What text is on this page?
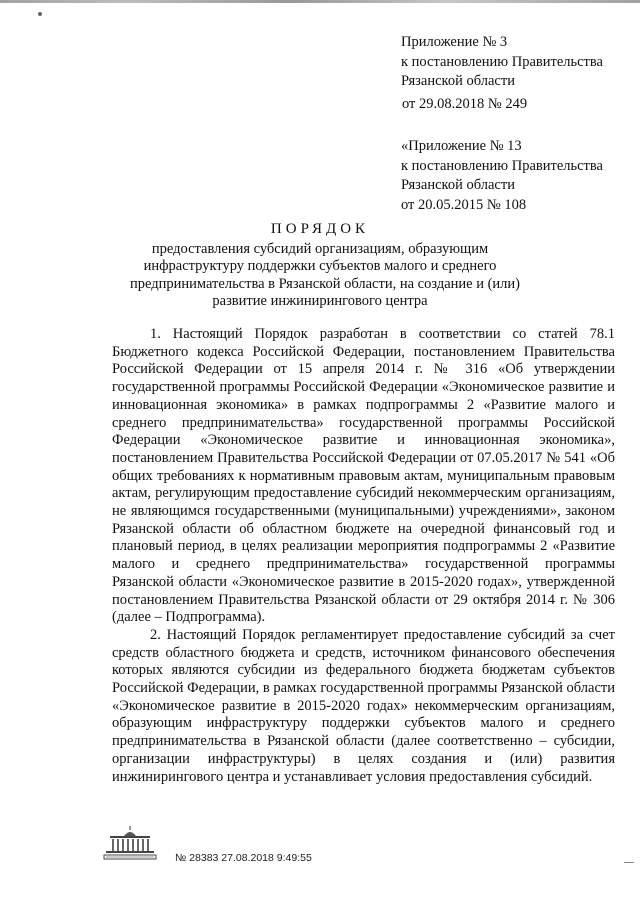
Приложение № 3
к постановлению Правительства
Рязанской области
от 29.08.2018 № 249
«Приложение № 13
к постановлению Правительства
Рязанской области
от 20.05.2015 № 108
ПОРЯДОК
предоставления субсидий организациям, образующим
инфраструктуру поддержки субъектов малого и среднего
предпринимательства в Рязанской области, на создание и (или)
развитие инжинирингового центра

1. Настоящий Порядок разработан в соответствии со статей 78.1 Бюджетного кодекса Российской Федерации, постановлением Правительства Российской Федерации от 15 апреля 2014 г. № 316 «Об утверждении государственной программы Российской Федерации «Экономическое развитие и инновационная экономика» в рамках подпрограммы 2 «Развитие малого и среднего предпринимательства» государственной программы Российской Федерации «Экономическое развитие и инновационная экономика», постановлением Правительства Российской Федерации от 07.05.2017 № 541 «Об общих требованиях к нормативным правовым актам, муниципальным правовым актам, регулирующим предоставление субсидий некоммерческим организациям, не являющимся государственными (муниципальными) учреждениями», законом Рязанской области об областном бюджете на очередной финансовый год и плановый период, в целях реализации мероприятия подпрограммы 2 «Развитие малого и среднего предпринимательства» государственной программы Рязанской области «Экономическое развитие в 2015-2020 годах», утвержденной постановлением Правительства Рязанской области от 29 октября 2014 г. № 306 (далее – Подпрограмма).

2. Настоящий Порядок регламентирует предоставление субсидий за счет средств областного бюджета и средств, источником финансового обеспечения которых являются субсидии из федерального бюджета бюджетам субъектов Российской Федерации, в рамках государственной программы Рязанской области «Экономическое развитие в 2015-2020 годах» некоммерческим организациям, образующим инфраструктуру поддержки субъектов малого и среднего предпринимательства в Рязанской области (далее соответственно – субсидии, организации инфраструктуры) в целях создания и (или) развития инжинирингового центра и устанавливает условия предоставления субсидий.

№ 28383 27.08.2018 9:49:55
